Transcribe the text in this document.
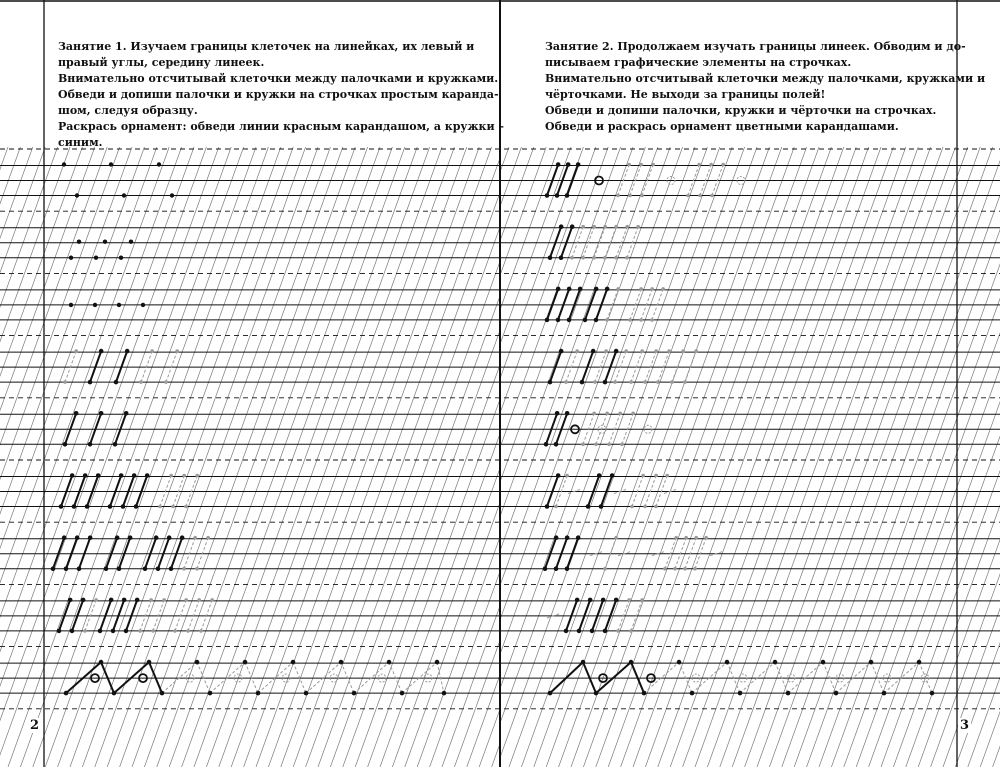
Занятие 1. Изучаем границы клеточек на линейках, их левый и
правый углы, середину линеек.
Внимательно отсчитывай клеточки между палочками и кружками.
Обведи и допиши палочки и кружки на строчках простым каранда-
шом, следуя образцу.
Раскрась орнамент: обведи линии красным карандашом, а кружки –
синим.
Занятие 2. Продолжаем изучать границы линеек. Обводим и до-
писываем графические элементы на строчках.
Внимательно отсчитывай клеточки между палочками, кружками и
чёрточками. Не выходи за границы полей!
Обведи и допиши палочки, кружки и чёрточки на строчках.
Обведи и раскрась орнамент цветными карандашами.
2	3
